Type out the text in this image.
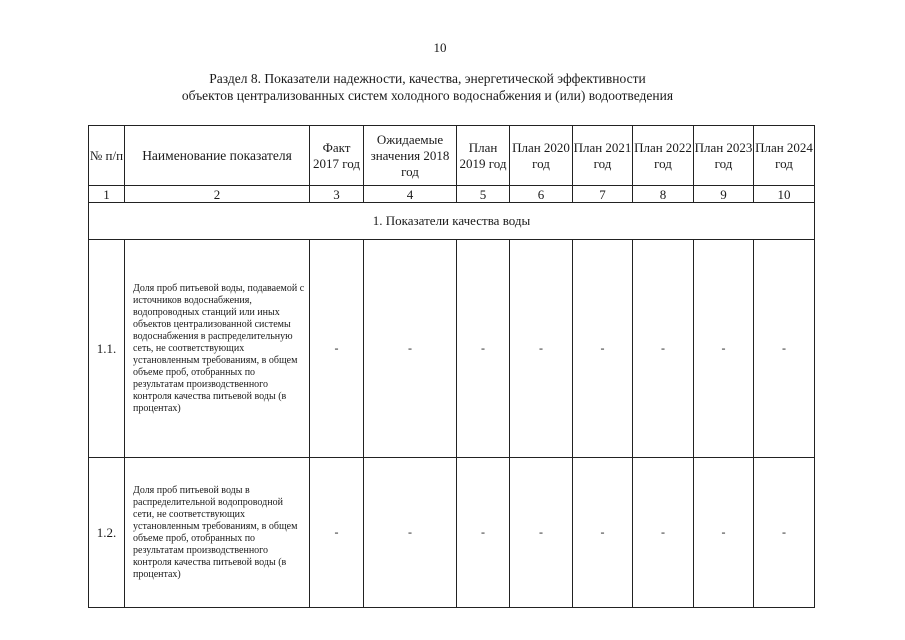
10
Раздел 8. Показатели надежности, качества, энергетической эффективности
объектов централизованных систем холодного водоснабжения и (или) водоотведения
№ п/п	Наименование показателя	Факт 2017 год	Ожидаемые значения 2018 год	План 2019 год	План 2020 год	План 2021 год	План 2022 год	План 2023 год	План 2024 год
1	2	3	4	5	6	7	8	9	10
1. Показатели качества воды									
1.1.	Доля проб питьевой воды, подаваемой с источников водоснабжения, водопроводных станций или иных объектов централизованной системы водоснабжения в распределительную сеть, не соответствующих установленным требованиям, в общем объеме проб, отобранных по результатам производственного контроля качества питьевой воды (в процентах)	-	-	-	-	-	-	-	-
1.2.	Доля проб питьевой воды в распределительной водопроводной сети, не соответствующих установленным требованиям, в общем объеме проб, отобранных по результатам производственного контроля качества питьевой воды (в процентах)	-	-	-	-	-	-	-	-
